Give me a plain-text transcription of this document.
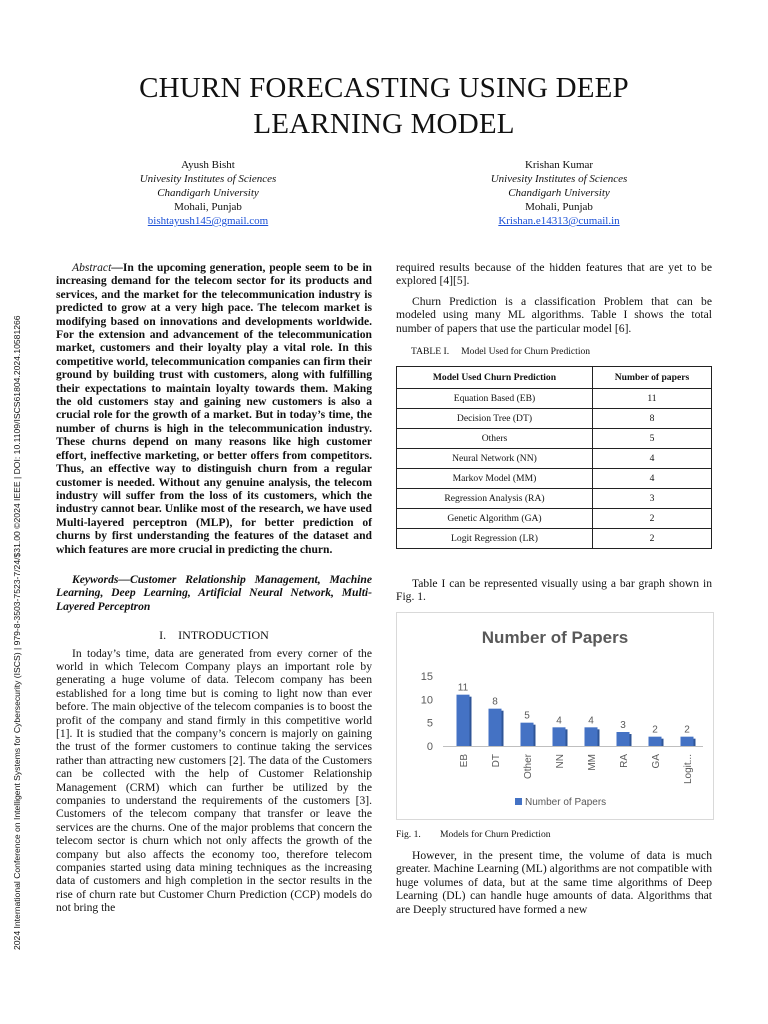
CHURN FORECASTING USING DEEP
LEARNING MODEL
Ayush Bisht
Univesity Institutes of Sciences
Chandigarh University
Mohali, Punjab
bishtayush145@gmail.com
Krishan Kumar
Univesity Institutes of Sciences
Chandigarh University
Mohali, Punjab
Krishan.e14313@cumail.in
2024 International Conference on Intelligent Systems for Cybersecurity (ISCS) | 979-8-3503-7523-7/24/$31.00 ©2024 IEEE | DOI: 10.1109/ISCS61804.2024.10581266

Abstract—In the upcoming generation, people seem to be in increasing demand for the telecom sector for its products and services, and the market for the telecommunication industry is predicted to grow at a very high pace. The telecom market is modifying based on innovations and developments worldwide. For the extension and advancement of the telecommunication market, customers and their loyalty play a vital role. In this competitive world, telecommunication companies can firm their ground by building trust with customers, along with fulfilling their expectations to maintain loyalty towards them. Making the old customers stay and gaining new customers is also a crucial role for the growth of a market. But in today’s time, the number of churns is high in the telecommunication industry. These churns depend on many reasons like high customer effort, ineffective marketing, or better offers from competitors. Thus, an effective way to distinguish churn from a regular customer is needed. Without any genuine analysis, the telecom industry will suffer from the loss of its customers, which the industry cannot bear. Unlike most of the research, we have used Multi-layered perceptron (MLP), for better prediction of churns by first understanding the features of the dataset and which features are more crucial in predicting the churn.

Keywords—Customer Relationship Management, Machine Learning, Deep Learning, Artificial Neural Network, Multi-Layered Perceptron

I. INTRODUCTION

In today’s time, data are generated from every corner of the world in which Telecom Company plays an important role by generating a huge volume of data. Telecom company has been established for a long time but is coming to light now than ever before. The main objective of the telecom companies is to boost the profit of the company and stand firmly in this competitive world [1]. It is studied that the company’s concern is majorly on gaining the trust of the former customers to continue taking the services rather than attracting new customers [2]. The data of the Customers can be collected with the help of Customer Relationship Management (CRM) which can further be utilized by the companies to understand the requirements of the customers [3]. Customers of the telecom company that transfer or leave the services are the churns. One of the major problems that concern the telecom sector is churn which not only affects the growth of the company but also affects the economy too, therefore telecom companies started using data mining techniques as the increasing data of customers and high completion in the sector results in the rise of churn rate but Customer Churn Prediction (CCP) models do not bring the

required results because of the hidden features that are yet to be explored [4][5].

Churn Prediction is a classification Problem that can be modeled using many ML algorithms. Table I shows the total number of papers that use the particular model [6].

TABLE I.  Model Used for Churn Prediction
Model Used Churn Prediction	Number of papers
Equation Based (EB)	11
Decision Tree (DT)	8
Others	5
Neural Network (NN)	4
Markov Model (MM)	4
Regression Analysis (RA)	3
Genetic Algorithm (GA)	2
Logit Regression (LR)	2

Table I can be represented visually using a bar graph shown in Fig. 1.

Number of Papers
0
5
10
15
11
EB
8
DT
5
Other
4
NN
4
MM
3
RA
2
GA
2
Logit...
Number of Papers
Fig. 1.  Models for Churn Prediction

However, in the present time, the volume of data is much greater. Machine Learning (ML) algorithms are not compatible with huge volumes of data, but at the same time algorithms of Deep Learning (DL) can handle huge amounts of data. Algorithms that are Deeply structured have formed a new
